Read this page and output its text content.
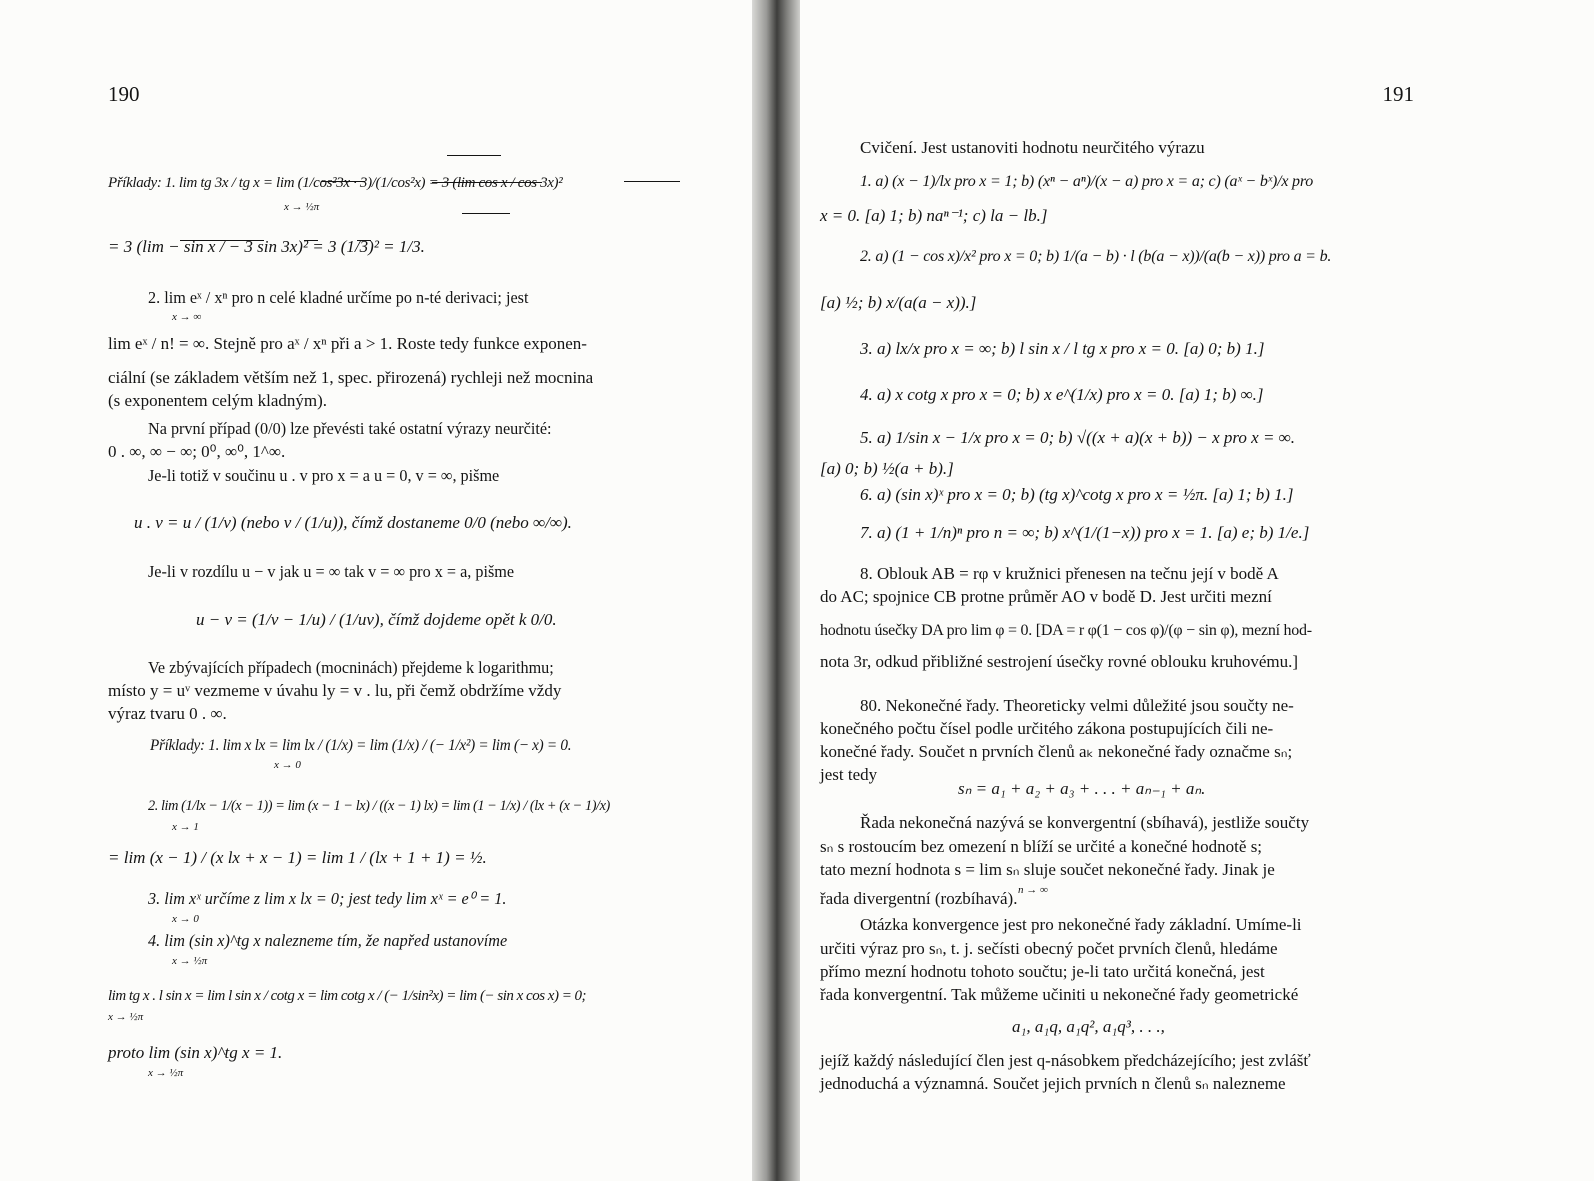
190
Příklady: 1. lim tg 3x / tg x = lim (1/cos²3x · 3)/(1/cos²x) = 3 (lim cos x / cos 3x)²
x → ½π
= 3 (lim − sin x / − 3 sin 3x)² = 3 (1/3)² = 1/3.
2. lim eˣ / xⁿ pro n celé kladné určíme po n-té derivaci; jest
x → ∞
lim eˣ / n! = ∞. Stejně pro aˣ / xⁿ při a > 1. Roste tedy funkce exponen-
ciální (se základem větším než 1, spec. přirozená) rychleji než mocnina
(s exponentem celým kladným).
Na první případ (0/0) lze převésti také ostatní výrazy neurčité:
0 . ∞, ∞ − ∞; 0⁰, ∞⁰, 1^∞.
Je-li totiž v součinu u . v pro x = a u = 0, v = ∞, pišme
u . v = u / (1/v) (nebo v / (1/u)), čímž dostaneme 0/0 (nebo ∞/∞).
Je-li v rozdílu u − v jak u = ∞ tak v = ∞ pro x = a, pišme
u − v = (1/v − 1/u) / (1/uv), čímž dojdeme opět k 0/0.
Ve zbývajících případech (mocninách) přejdeme k logarithmu;
místo y = uᵛ vezmeme v úvahu ly = v . lu, při čemž obdržíme vždy
výraz tvaru 0 . ∞.
Příklady: 1. lim x lx = lim lx / (1/x) = lim (1/x) / (− 1/x²) = lim (− x) = 0.
x → 0
2. lim (1/lx − 1/(x − 1)) = lim (x − 1 − lx) / ((x − 1) lx) = lim (1 − 1/x) / (lx + (x − 1)/x)
x → 1
= lim (x − 1) / (x lx + x − 1) = lim 1 / (lx + 1 + 1) = ½.
3. lim xˣ určíme z lim x lx = 0; jest tedy lim xˣ = e⁰ = 1.
x → 0
4. lim (sin x)^tg x nalezneme tím, že napřed ustanovíme
x → ½π
lim tg x . l sin x = lim l sin x / cotg x = lim cotg x / (− 1/sin²x) = lim (− sin x cos x) = 0;
x → ½π
proto lim (sin x)^tg x = 1.
x → ½π
191
Cvičení. Jest ustanoviti hodnotu neurčitého výrazu
1. a) (x − 1)/lx pro x = 1; b) (xⁿ − aⁿ)/(x − a) pro x = a; c) (aˣ − bˣ)/x pro
x = 0. [a) 1; b) naⁿ⁻¹; c) la − lb.]
2. a) (1 − cos x)/x² pro x = 0; b) 1/(a − b) · l (b(a − x))/(a(b − x)) pro a = b.
[a) ½; b) x/(a(a − x)).]
3. a) lx/x pro x = ∞; b) l sin x / l tg x pro x = 0. [a) 0; b) 1.]
4. a) x cotg x pro x = 0; b) x e^(1/x) pro x = 0. [a) 1; b) ∞.]
5. a) 1/sin x − 1/x pro x = 0; b) √((x + a)(x + b)) − x pro x = ∞.
[a) 0; b) ½(a + b).]
6. a) (sin x)ˣ pro x = 0; b) (tg x)^cotg x pro x = ½π. [a) 1; b) 1.]
7. a) (1 + 1/n)ⁿ pro n = ∞; b) x^(1/(1−x)) pro x = 1. [a) e; b) 1/e.]
8. Oblouk AB = rφ v kružnici přenesen na tečnu její v bodě A
do AC; spojnice CB protne průměr AO v bodě D. Jest určiti mezní
hodnotu úsečky DA pro lim φ = 0. [DA = r φ(1 − cos φ)/(φ − sin φ), mezní hod-
nota 3r, odkud přibližné sestrojení úsečky rovné oblouku kruhovému.]
80. Nekonečné řady. Theoreticky velmi důležité jsou součty ne-
konečného počtu čísel podle určitého zákona postupujících čili ne-
konečné řady. Součet n prvních členů aₖ nekonečné řady označme sₙ;
jest tedy
sₙ = a₁ + a₂ + a₃ + . . . + aₙ₋₁ + aₙ.
Řada nekonečná nazývá se konvergentní (sbíhavá), jestliže součty
sₙ s rostoucím bez omezení n blíží se určité a konečné hodnotě s;
tato mezní hodnota s = lim sₙ sluje součet nekonečné řady. Jinak je
n → ∞
řada divergentní (rozbíhavá).
Otázka konvergence jest pro nekonečné řady základní. Umíme-li
určiti výraz pro sₙ, t. j. sečísti obecný počet prvních členů, hledáme
přímo mezní hodnotu tohoto součtu; je-li tato určitá konečná, jest
řada konvergentní. Tak můžeme učiniti u nekonečné řady geometrické
a₁, a₁q, a₁q², a₁q³, . . .,
jejíž každý následující člen jest q-násobkem předcházejícího; jest zvlášť
jednoduchá a významná. Součet jejich prvních n členů sₙ nalezneme
